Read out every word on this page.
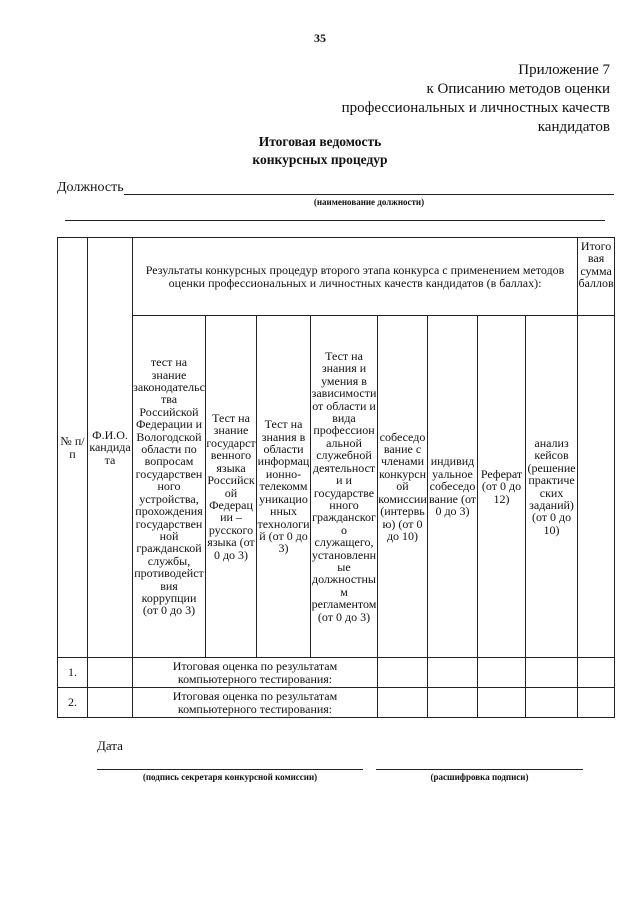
35
Приложение 7
к Описанию методов оценки
профессиональных и личностных качеств
кандидатов
Итоговая ведомость
конкурсных процедур
Должность
(наименование должности)
№ п/п	Ф.И.О. кандидата	Результаты конкурсных процедур второго этапа конкурса с применением методов оценки профессиональных и личностных качеств кандидатов (в баллах):								Итоговая сумма баллов
		тест на знание законодательства Российской Федерации и Вологодской области по вопросам государственного устройства, прохождения государственной гражданской службы, противодействия коррупции (от 0 до 3)	Тест на знание государственного языка Российской Федерации – русского языка (от 0 до 3)	Тест на знания в области информационно-телекоммуникационных технологий (от 0 до 3)	Тест на знания и умения в зависимости от области и вида профессиональной служебной деятельности и государственного гражданского служащего, установленные должностным регламентом (от 0 до 3)	собеседование с членами конкурсной комиссии (интервью) (от 0 до 10)	индивидуальное собеседование (от 0 до 3)	Реферат (от 0 до 12)	анализ кейсов (решение практических заданий) (от 0 до 10)	
1.		Итоговая оценка по результатам компьютерного тестирования:								
2.		Итоговая оценка по результатам компьютерного тестирования:								
Дата
(подпись секретаря конкурсной комиссии)	(расшифровка подписи)
